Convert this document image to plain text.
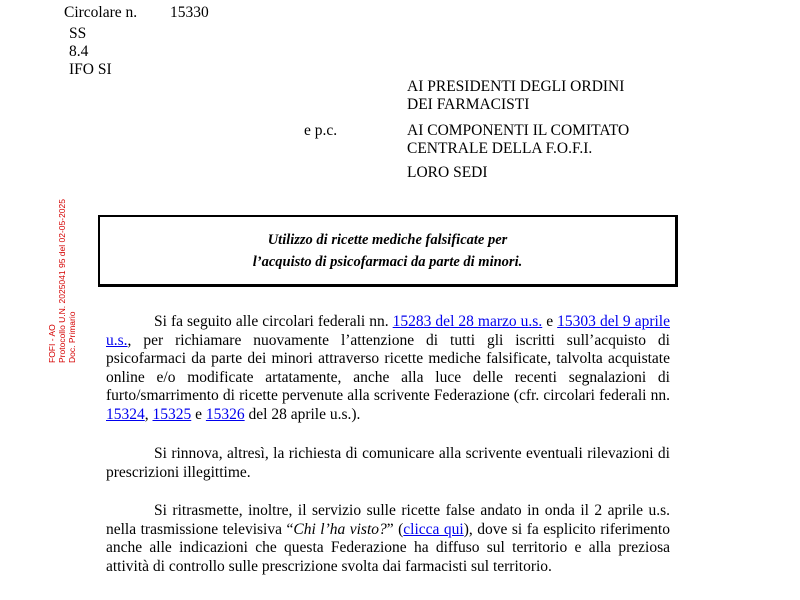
Circolare n. 15330
SS
8.4
IFO SI
AI PRESIDENTI DEGLI ORDINI
DEI FARMACISTI
e p.c.	AI COMPONENTI IL COMITATO
CENTRALE DELLA F.O.F.I.
LORO SEDI
FOFI - AO Protocollo U.N. 2025041 95 del 02-05-2025 Doc. Primario
Utilizzo di ricette mediche falsificate per
l’acquisto di psicofarmaci da parte di minori.
Si fa seguito alle circolari federali nn. 15283 del 28 marzo u.s. e 15303 del 9 aprile u.s., per richiamare nuovamente l’attenzione di tutti gli iscritti sull’acquisto di psicofarmaci da parte dei minori attraverso ricette mediche falsificate, talvolta acquistate online e/o modificate artatamente, anche alla luce delle recenti segnalazioni di furto/smarrimento di ricette pervenute alla scrivente Federazione (cfr. circolari federali nn. 15324, 15325 e 15326 del 28 aprile u.s.).
Si rinnova, altresì, la richiesta di comunicare alla scrivente eventuali rilevazioni di prescrizioni illegittime.
Si ritrasmette, inoltre, il servizio sulle ricette false andato in onda il 2 aprile u.s. nella trasmissione televisiva “Chi l’ha visto?” (clicca qui), dove si fa esplicito riferimento anche alle indicazioni che questa Federazione ha diffuso sul territorio e alla preziosa attività di controllo sulle prescrizione svolta dai farmacisti sul territorio.
